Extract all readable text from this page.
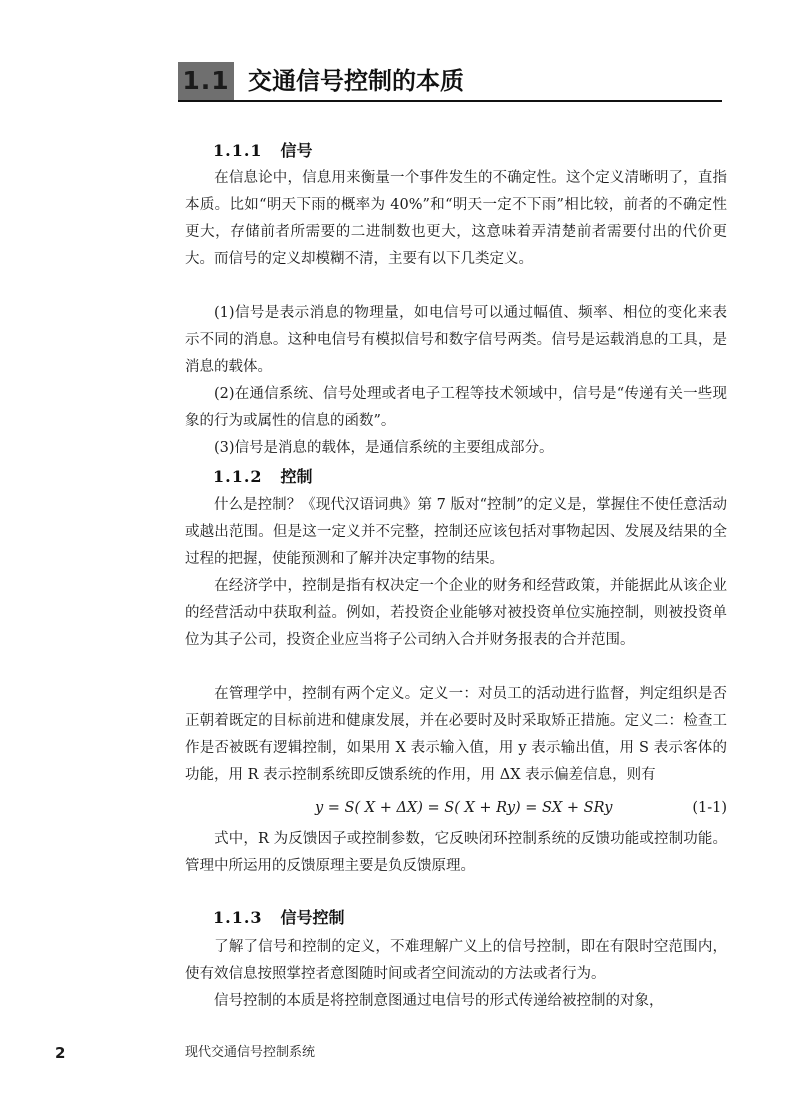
1.1 交通信号控制的本质
1.1.1 信号

在信息论中，信息用来衡量一个事件发生的不确定性。这个定义清晰明了，直指本质。比如“明天下雨的概率为 40%”和“明天一定不下雨”相比较，前者的不确定性更大，存储前者所需要的二进制数也更大，这意味着弄清楚前者需要付出的代价更大。而信号的定义却模糊不清，主要有以下几类定义。

(1)信号是表示消息的物理量，如电信号可以通过幅值、频率、相位的变化来表示不同的消息。这种电信号有模拟信号和数字信号两类。信号是运载消息的工具，是消息的载体。

(2)在通信系统、信号处理或者电子工程等技术领域中，信号是“传递有关一些现象的行为或属性的信息的函数”。

(3)信号是消息的载体，是通信系统的主要组成部分。

1.1.2 控制

什么是控制？《现代汉语词典》第 7 版对“控制”的定义是，掌握住不使任意活动或越出范围。但是这一定义并不完整，控制还应该包括对事物起因、发展及结果的全过程的把握，使能预测和了解并决定事物的结果。

在经济学中，控制是指有权决定一个企业的财务和经营政策，并能据此从该企业的经营活动中获取利益。例如，若投资企业能够对被投资单位实施控制，则被投资单位为其子公司，投资企业应当将子公司纳入合并财务报表的合并范围。

在管理学中，控制有两个定义。定义一：对员工的活动进行监督，判定组织是否正朝着既定的目标前进和健康发展，并在必要时及时采取矫正措施。定义二：检查工作是否被既有逻辑控制，如果用 X 表示输入值，用 y 表示输出值，用 S 表示客体的功能，用 R 表示控制系统即反馈系统的作用，用 ΔX 表示偏差信息，则有

y = S( X + ΔX) = S( X + Ry) = SX + SRy	(1-1)

式中，R 为反馈因子或控制参数，它反映闭环控制系统的反馈功能或控制功能。管理中所运用的反馈原理主要是负反馈原理。

1.1.3 信号控制

了解了信号和控制的定义，不难理解广义上的信号控制，即在有限时空范围内，使有效信息按照掌控者意图随时间或者空间流动的方法或者行为。

信号控制的本质是将控制意图通过电信号的形式传递给被控制的对象，

2	现代交通信号控制系统
